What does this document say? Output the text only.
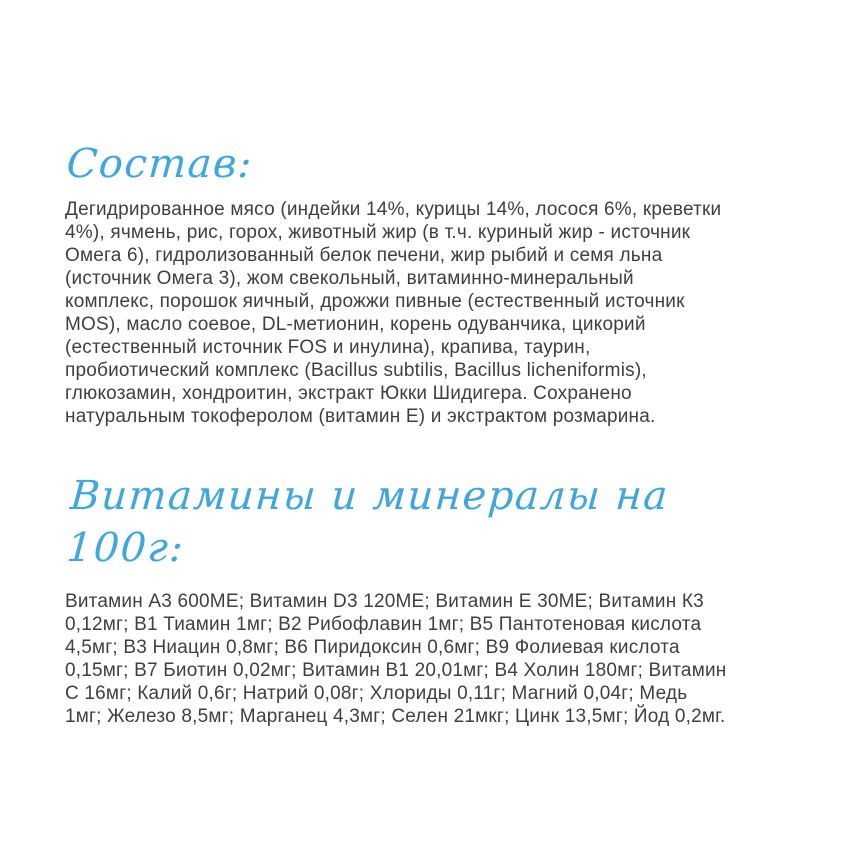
Состав:
Дегидрированное мясо (индейки 14%, курицы 14%, лосося 6%, креветки
4%), ячмень, рис, горох, животный жир (в т.ч. куриный жир - источник
Омега 6), гидролизованный белок печени, жир рыбий и семя льна
(источник Омега 3), жом свекольный, витаминно-минеральный
комплекс, порошок яичный, дрожжи пивные (естественный источник
MOS), масло соевое, DL-метионин, корень одуванчика, цикорий
(естественный источник FOS и инулина), крапива, таурин,
пробиотический комплекс (Bacillus subtilis, Bacillus licheniformis),
глюкозамин, хондроитин, экстракт Юкки Шидигера. Сохранено
натуральным токоферолом (витамин Е) и экстрактом розмарина.
Витамины и минералы на 100г:
Витамин А3 600МЕ; Витамин D3 120МЕ; Витамин Е 30МЕ; Витамин К3
0,12мг; В1 Тиамин 1мг; В2 Рибофлавин 1мг; В5 Пантотеновая кислота
4,5мг; В3 Ниацин 0,8мг; В6 Пиридоксин 0,6мг; В9 Фолиевая кислота
0,15мг; В7 Биотин 0,02мг; Витамин В1 20,01мг; В4 Холин 180мг; Витамин
С 16мг; Калий 0,6г; Натрий 0,08г; Хлориды 0,11г; Магний 0,04г; Медь
1мг; Железо 8,5мг; Марганец 4,3мг; Селен 21мкг; Цинк 13,5мг; Йод 0,2мг.
